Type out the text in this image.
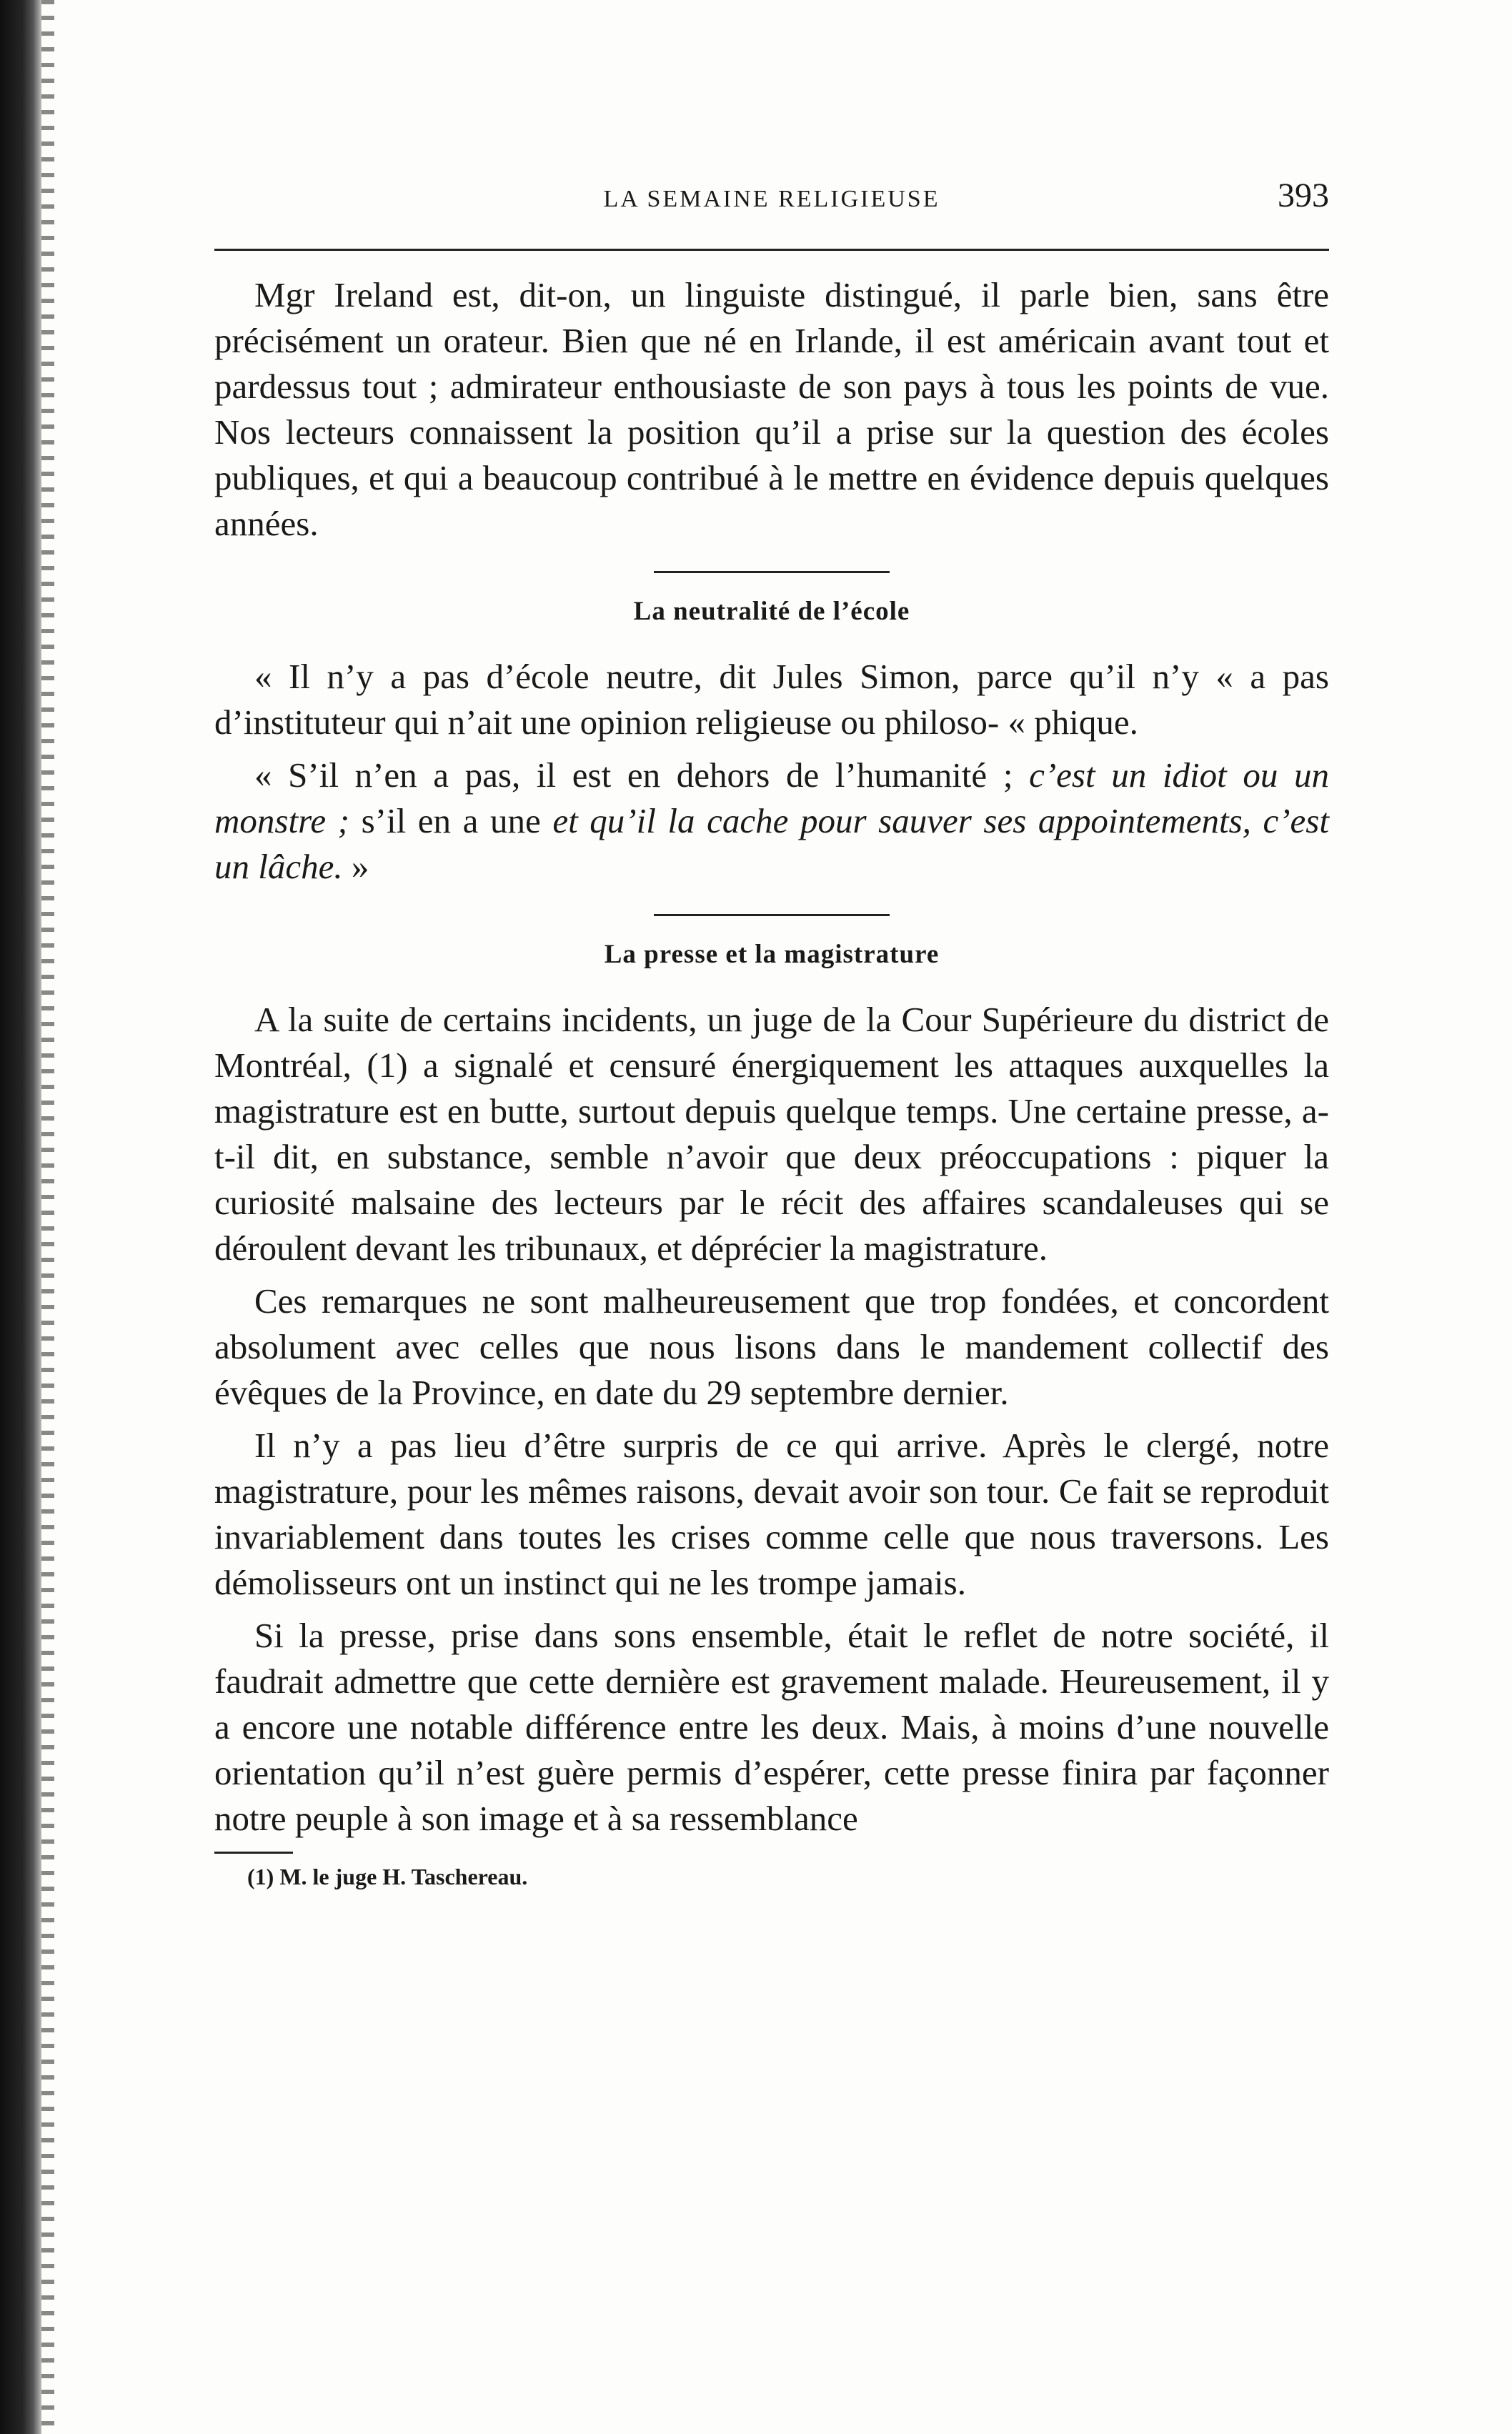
LA SEMAINE RELIGIEUSE	393

Mgr Ireland est, dit-on, un linguiste distingué, il parle bien, sans être précisément un orateur. Bien que né en Irlande, il est américain avant tout et pardessus tout ; admirateur enthousiaste de son pays à tous les points de vue. Nos lecteurs connaissent la position qu’il a prise sur la question des écoles publiques, et qui a beaucoup contribué à le mettre en évidence depuis quelques années.

La neutralité de l’école

« Il n’y a pas d’école neutre, dit Jules Simon, parce qu’il n’y « a pas d’instituteur qui n’ait une opinion religieuse ou philoso- « phique.

« S’il n’en a pas, il est en dehors de l’humanité ; c’est un idiot ou un monstre ; s’il en a une et qu’il la cache pour sauver ses appointements, c’est un lâche. »

La presse et la magistrature

A la suite de certains incidents, un juge de la Cour Supérieure du district de Montréal, (1) a signalé et censuré énergiquement les attaques auxquelles la magistrature est en butte, surtout depuis quelque temps. Une certaine presse, a-t-il dit, en substance, semble n’avoir que deux préoccupations : piquer la curiosité malsaine des lecteurs par le récit des affaires scandaleuses qui se déroulent devant les tribunaux, et déprécier la magistrature.

Ces remarques ne sont malheureusement que trop fondées, et concordent absolument avec celles que nous lisons dans le mandement collectif des évêques de la Province, en date du 29 septembre dernier.

Il n’y a pas lieu d’être surpris de ce qui arrive. Après le clergé, notre magistrature, pour les mêmes raisons, devait avoir son tour. Ce fait se reproduit invariablement dans toutes les crises comme celle que nous traversons. Les démolisseurs ont un instinct qui ne les trompe jamais.

Si la presse, prise dans sons ensemble, était le reflet de notre société, il faudrait admettre que cette dernière est gravement malade. Heureusement, il y a encore une notable différence entre les deux. Mais, à moins d’une nouvelle orientation qu’il n’est guère permis d’espérer, cette presse finira par façonner notre peuple à son image et à sa ressemblance

(1) M. le juge H. Taschereau.
